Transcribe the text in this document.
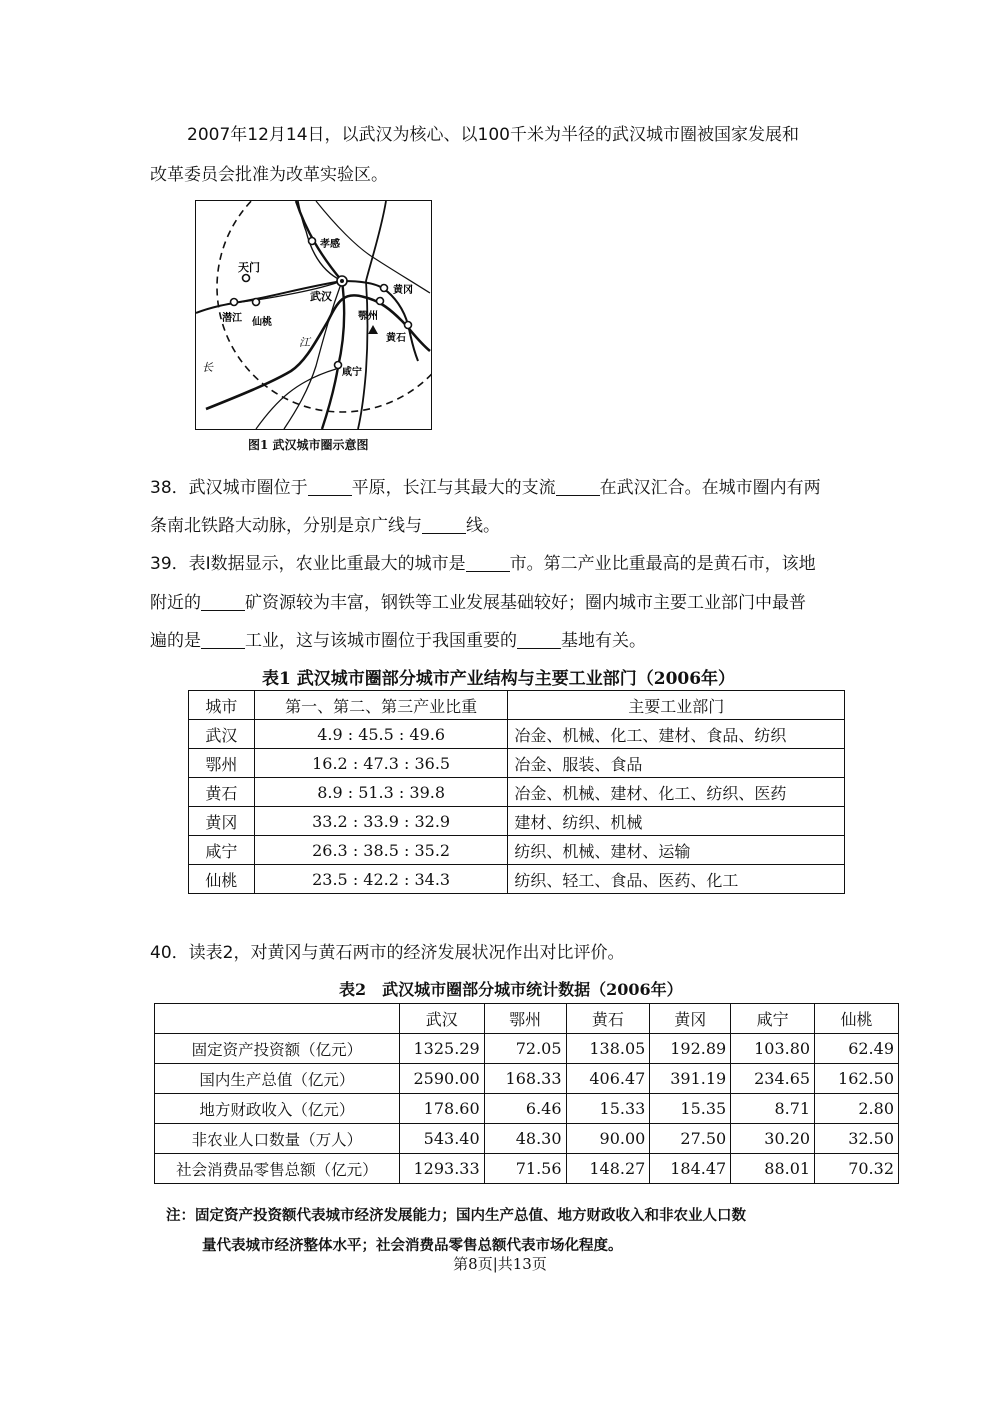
2007年12月14日，以武汉为核心、以100千米为半径的武汉城市圈被国家发展和
改革委员会批准为改革实验区。
孝感
天门
武汉	黄冈
潜江 仙桃
鄂州
黄石
江
长	咸宁
图1 武汉城市圈示意图
38．武汉城市圈位于	平原，长江与其最大的支流	在武汉汇合。在城市圈内有两
条南北铁路大动脉，分别是京广线与	线。
39．表Ⅰ数据显示，农业比重最大的城市是	市。第二产业比重最高的是黄石市，该地
附近的	矿资源较为丰富，钢铁等工业发展基础较好；圈内城市主要工业部门中最普
遍的是	工业，这与该城市圈位于我国重要的	基地有关。
表1 武汉城市圈部分城市产业结构与主要工业部门（2006年）
城市	第一、第二、第三产业比重	主要工业部门
武汉	4.9 : 45.5 : 49.6	冶金、机械、化工、建材、食品、纺织
鄂州	16.2 : 47.3 : 36.5	冶金、服装、食品
黄石	8.9 : 51.3 : 39.8	冶金、机械、建材、化工、纺织、医药
黄冈	33.2 : 33.9 : 32.9	建材、纺织、机械
咸宁	26.3 : 38.5 : 35.2	纺织、机械、建材、运输
仙桃	23.5 : 42.2 : 34.3	纺织、轻工、食品、医药、化工
40．读表2，对黄冈与黄石两市的经济发展状况作出对比评价。
表2　武汉城市圈部分城市统计数据（2006年）
	武汉	鄂州	黄石	黄冈	咸宁	仙桃
固定资产投资额（亿元）	1325.29	72.05	138.05	192.89	103.80	62.49
国内生产总值（亿元）	2590.00	168.33	406.47	391.19	234.65	162.50
地方财政收入（亿元）	178.60	6.46	15.33	15.35	8.71	2.80
非农业人口数量（万人）	543.40	48.30	90.00	27.50	30.20	32.50
社会消费品零售总额（亿元）	1293.33	71.56	148.27	184.47	88.01	70.32
注：固定资产投资额代表城市经济发展能力；国内生产总值、地方财政收入和非农业人口数
量代表城市经济整体水平；社会消费品零售总额代表市场化程度。
第8页|共13页
